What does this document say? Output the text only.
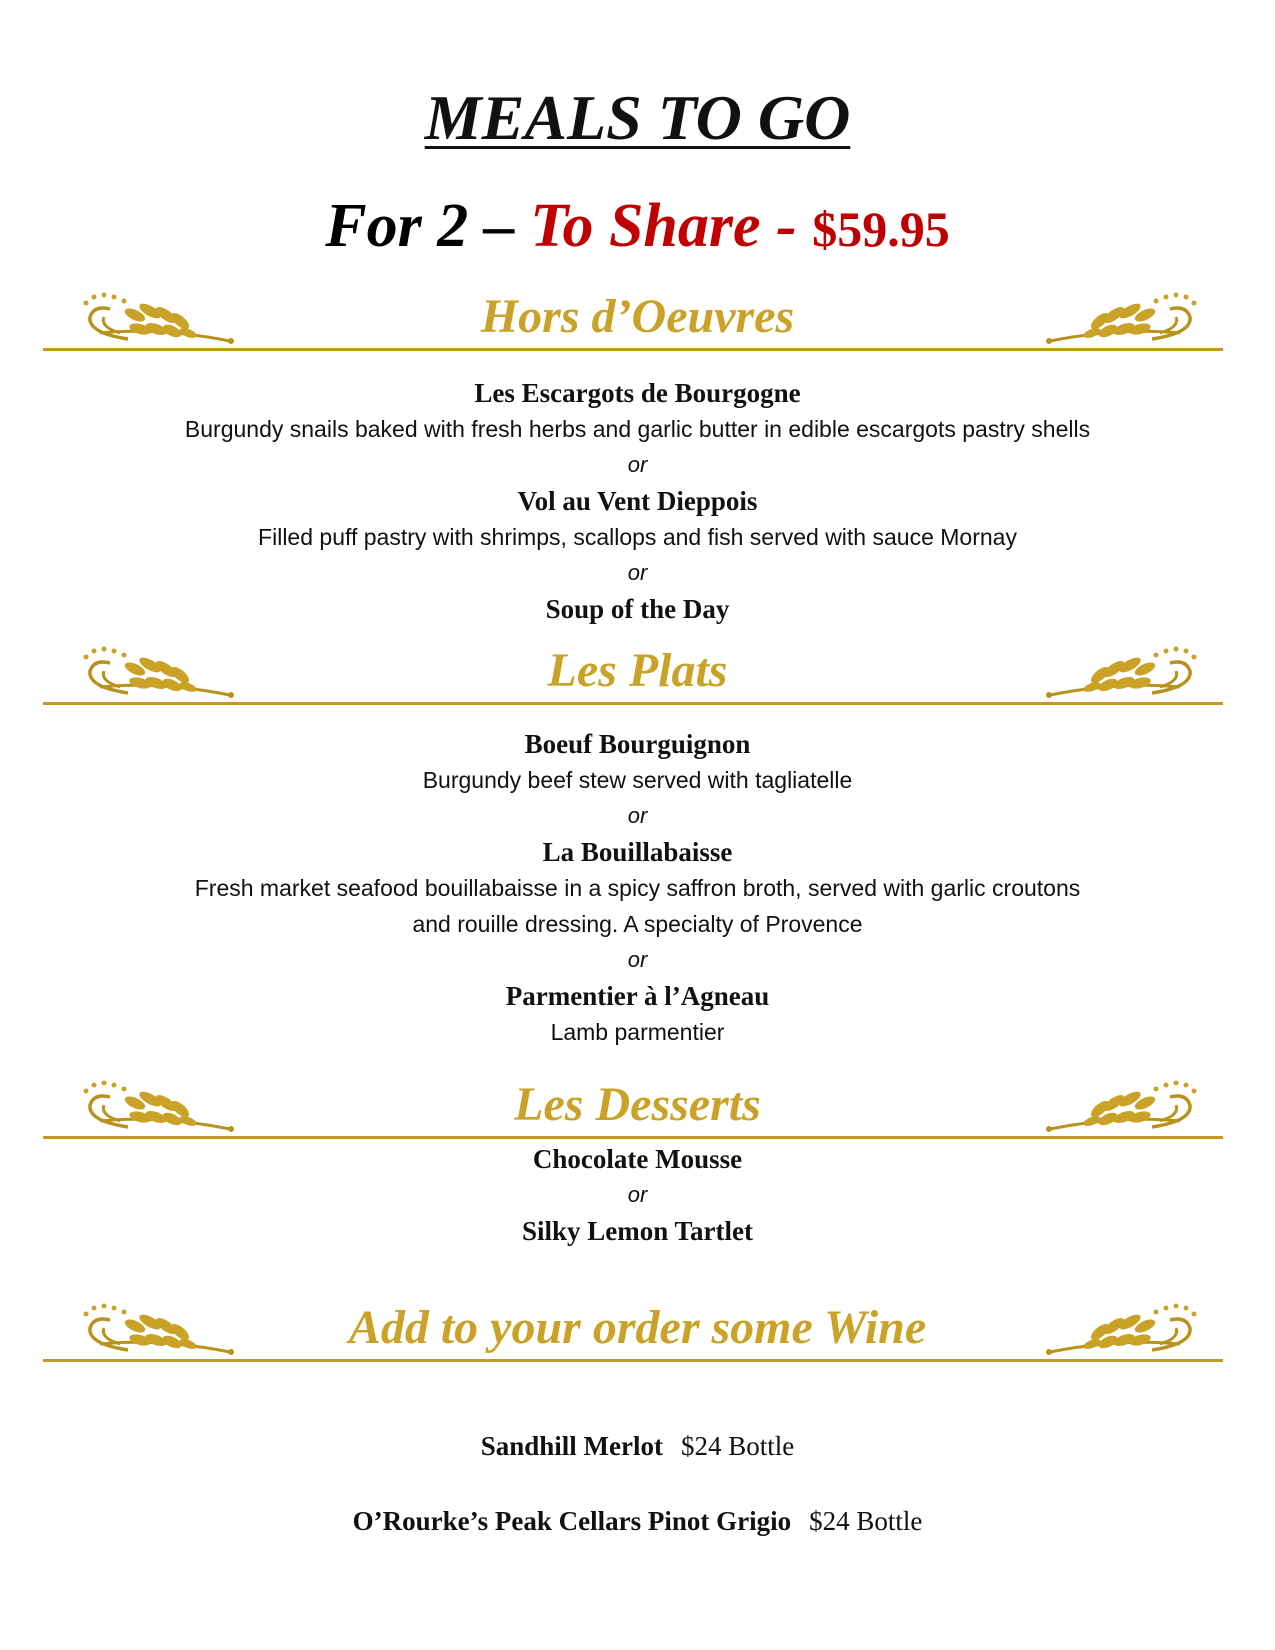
MEALS TO GO
For 2 – To Share - $59.95
Hors d’Oeuvres
Les Escargots de Bourgogne
Burgundy snails baked with fresh herbs and garlic butter in edible escargots pastry shells
or
Vol au Vent Dieppois
Filled puff pastry with shrimps, scallops and fish served with sauce Mornay
or
Soup of the Day
Les Plats
Boeuf Bourguignon
Burgundy beef stew served with tagliatelle
or
La Bouillabaisse
Fresh market seafood bouillabaisse in a spicy saffron broth, served with garlic croutons
and rouille dressing. A specialty of Provence
or
Parmentier à l’Agneau
Lamb parmentier
Les Desserts
Chocolate Mousse
or
Silky Lemon Tartlet
Add to your order some Wine
Sandhill Merlot $24 Bottle
O’Rourke’s Peak Cellars Pinot Grigio $24 Bottle
